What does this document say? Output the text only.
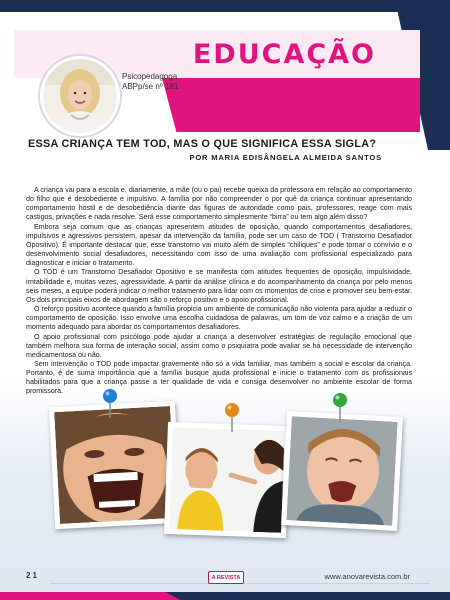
EDUCAÇÃO
Psicopedagoga
ABPp/se nº 181
ESSA CRIANÇA TEM TOD, MAS O QUE SIGNIFICA ESSA SIGLA?
POR MARIA EDISÂNGELA ALMEIDA SANTOS

A criança vai para a escola e, diariamente, a mãe (ou o pai) recebe queixa da professora em relação ao comportamento do filho que é desobediente e impulsivo. A família por não compreender o por quê da criança continuar apresentando comportamento hostil e de desobediência diante das figuras de autoridade como pais, professores, reage com mais castigos, privações e nada resolve. Será esse comportamento simplesmente “birra” ou tem algo além disso?

Embora seja comum que as crianças apresentem atitudes de oposição, quando comportamentos desafiadores, impulsivos e agressivos persistem, apesar da intervenção da família, pode ser um caso de TOD ( Transtorno Desafiador Opositivo). É importante destacar que, esse transtorno vai muito além de simples “chiliques” e pode tornar o convívio e o desenvolvimento social desafiadores, necessitando com isso de uma avaliação com profissional especializado para diagnosticar e iniciar o tratamento.

O TOD é um Transtorno Desafiador Opositivo e se manifesta com atitudes frequentes de oposição, impulsividade, irritabilidade e, muitas vezes, agressividade. A partir da análise clínica e do acompanhamento da criança por pelo menos seis meses, a equipe poderá indicar o melhor tratamento para lidar com os momentos de crise e promover seu bem-estar. Os dois principais eixos de abordagem são o reforço positivo e o apoio profissional.

O reforço positivo acontece quando a família propicia um ambiente de comunicação não violenta para ajudar a reduzir o comportamento de oposição. Isso envolve uma escolha cuidadosa de palavras, um tom de voz calmo e a criação de um momento adequado para abordar os comportamentos desafiadores.

O apoio profissional com psicólogo pode ajudar a criança a desenvolver estratégias de regulação emocional que também melhora sua forma de interação social, assim como o psiquiatra pode avaliar se há necessidade de intervenção medicamentosa ou não.

Sem intervenção o TOD pode impactar gravemente não só a vida familiar, mas também a social e escolar da criança. Portanto, é de suma importância que a família busque ajuda profissional e inicie o tratamento com os profissionais habilitados para que a criança passe a ter qualidade de vida e consiga desenvolver no ambiente escolar de forma promissora.

21	A REVISTA	www.anovarevista.com.br
